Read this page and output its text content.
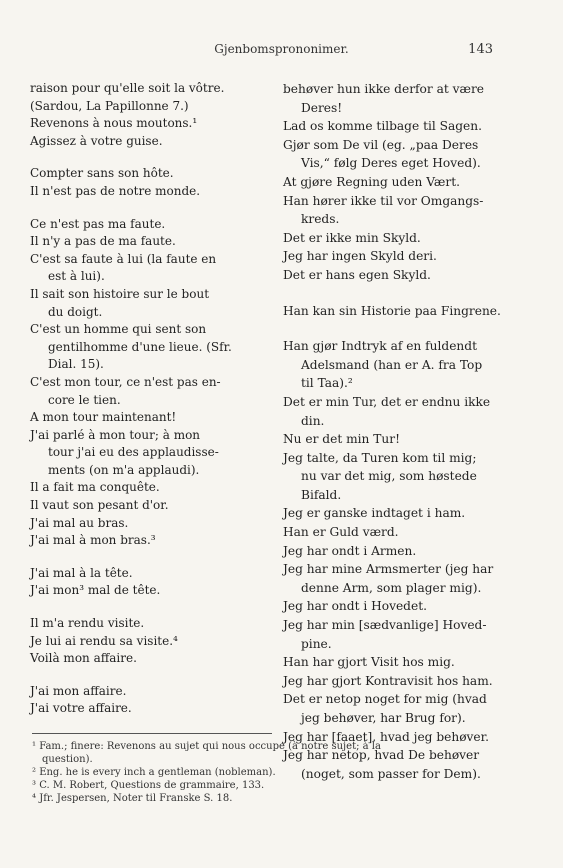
Gjenbomsprononimer.	143
raison pour qu'elle soit la vôtre.
(Sardou, La Papillonne 7.)
Revenons à nous moutons.¹
Agissez à votre guise.
Compter sans son hôte.
Il n'est pas de notre monde.
Ce n'est pas ma faute.
Il n'y a pas de ma faute.
C'est sa faute à lui (la faute en
est à lui).
Il sait son histoire sur le bout
du doigt.
C'est un homme qui sent son
gentilhomme d'une lieue. (Sfr.
Dial. 15).
C'est mon tour, ce n'est pas en-
core le tien.
A mon tour maintenant!
J'ai parlé à mon tour; à mon
tour j'ai eu des applaudisse-
ments (on m'a applaudi).
Il a fait ma conquête.
Il vaut son pesant d'or.
J'ai mal au bras.
J'ai mal à mon bras.³
J'ai mal à la tête.
J'ai mon³ mal de tête.
Il m'a rendu visite.
Je lui ai rendu sa visite.⁴
Voilà mon affaire.
J'ai mon affaire.
J'ai votre affaire.
behøver hun ikke derfor at være
Deres!
Lad os komme tilbage til Sagen.
Gjør som De vil (eg. „paa Deres
Vis,“ følg Deres eget Hoved).
At gjøre Regning uden Vært.
Han hører ikke til vor Omgangs-
kreds.
Det er ikke min Skyld.
Jeg har ingen Skyld deri.
Det er hans egen Skyld.
Han kan sin Historie paa Fingrene.
Han gjør Indtryk af en fuldendt
Adelsmand (han er A. fra Top
til Taa).²
Det er min Tur, det er endnu ikke
din.
Nu er det min Tur!
Jeg talte, da Turen kom til mig;
nu var det mig, som høstede
Bifald.
Jeg er ganske indtaget i ham.
Han er Guld værd.
Jeg har ondt i Armen.
Jeg har mine Armsmerter (jeg har
denne Arm, som plager mig).
Jeg har ondt i Hovedet.
Jeg har min [sædvanlige] Hoved-
pine.
Han har gjort Visit hos mig.
Jeg har gjort Kontravisit hos ham.
Det er netop noget for mig (hvad
jeg behøver, har Brug for).
Jeg har [faaet], hvad jeg behøver.
Jeg har netop, hvad De behøver
(noget, som passer for Dem).
¹ Fam.; finere: Revenons au sujet qui nous occupe (à notre sujet; à la
question).
² Eng. he is every inch a gentleman (nobleman).
³ C. M. Robert, Questions de grammaire, 133.
⁴ Jfr. Jespersen, Noter til Franske S. 18.
